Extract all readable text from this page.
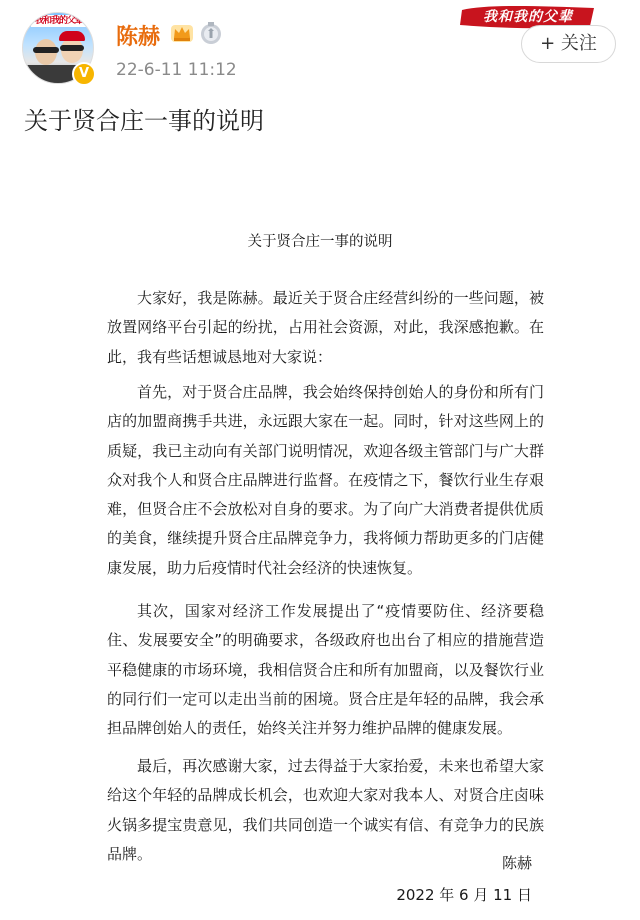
我和我的父辈
V
陈赫
22-6-11 11:12
我和我的父辈
+ 关注
关于贤合庄一事的说明
关于贤合庄一事的说明

大家好，我是陈赫。最近关于贤合庄经营纠纷的一些问题，被放置网络平台引起的纷扰，占用社会资源，对此，我深感抱歉。在此，我有些话想诚恳地对大家说：

首先，对于贤合庄品牌，我会始终保持创始人的身份和所有门店的加盟商携手共进，永远跟大家在一起。同时，针对这些网上的质疑，我已主动向有关部门说明情况，欢迎各级主管部门与广大群众对我个人和贤合庄品牌进行监督。在疫情之下，餐饮行业生存艰难，但贤合庄不会放松对自身的要求。为了向广大消费者提供优质的美食，继续提升贤合庄品牌竞争力，我将倾力帮助更多的门店健康发展，助力后疫情时代社会经济的快速恢复。

其次，国家对经济工作发展提出了“疫情要防住、经济要稳住、发展要安全”的明确要求，各级政府也出台了相应的措施营造平稳健康的市场环境，我相信贤合庄和所有加盟商，以及餐饮行业的同行们一定可以走出当前的困境。贤合庄是年轻的品牌，我会承担品牌创始人的责任，始终关注并努力维护品牌的健康发展。

最后，再次感谢大家，过去得益于大家抬爱，未来也希望大家给这个年轻的品牌成长机会，也欢迎大家对我本人、对贤合庄卤味火锅多提宝贵意见，我们共同创造一个诚实有信、有竞争力的民族品牌。

陈赫
2022 年 6 月 11 日
